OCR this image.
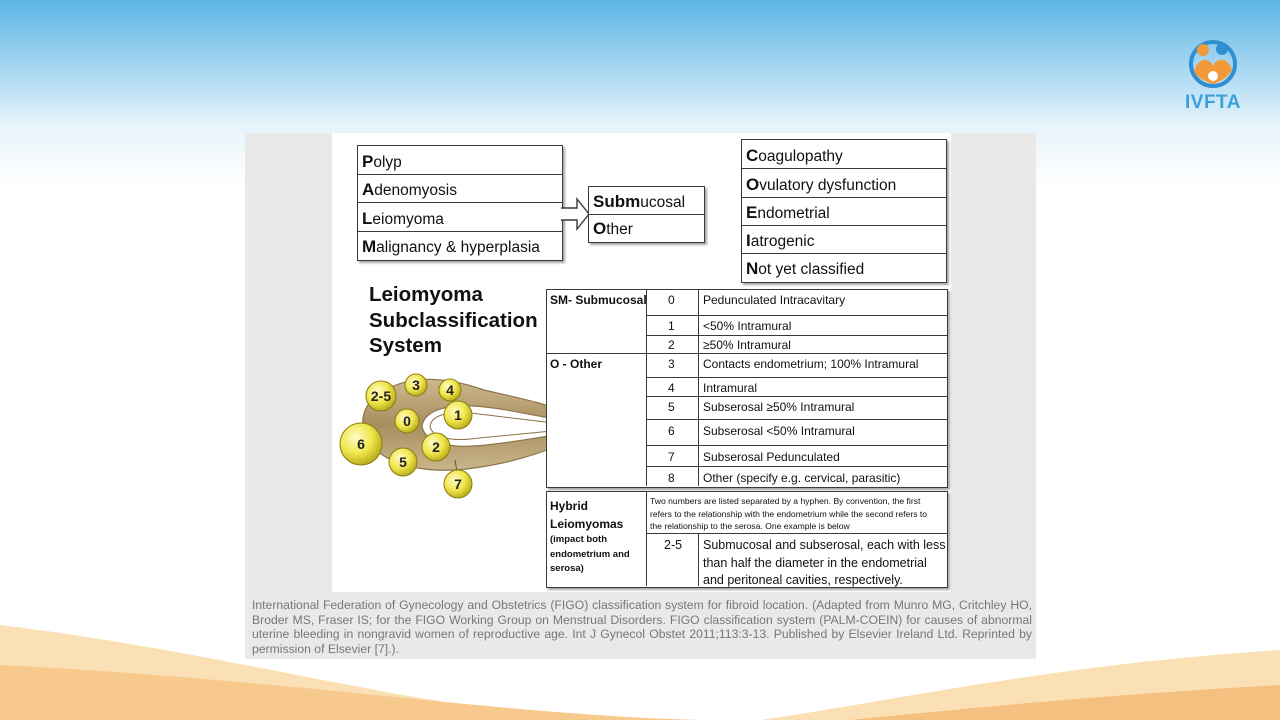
IVFTA
P olyp
A denomyosis
L eiomyoma
M alignancy & hyperplasia
Sub m ucosal
O ther
C oagulopathy
O vulatory dysfunction
E ndometrial
I atrogenic
N ot yet classified
Leiomyoma
Subclassification
System
2-5
3 4
0	1
6	2
5
7
SM- Submucosal
O - Other
0 Pedunculated Intracavitary
1 <50% Intramural
2 ≥50% Intramural
3 Contacts endometrium; 100% Intramural
4 Intramural
5 Subserosal ≥50% Intramural
6 Subserosal <50% Intramural
7 Subserosal Pedunculated
8 Other (specify e.g. cervical, parasitic)
Hybrid
Leiomyomas
(impact both
endometrium and
serosa)
Two numbers are listed separated by a hyphen. By convention, the first
refers to the relationship with the endometrium while the second refers to
the relationship to the serosa. One example is below
2-5 Submucosal and subserosal, each with less
than half the diameter in the endometrial
and peritoneal cavities, respectively.
International Federation of Gynecology and Obstetrics (FIGO) classification system for fibroid location. (Adapted from Munro MG, Critchley HO, Broder MS, Fraser IS; for the FIGO Working Group on Menstrual Disorders. FIGO classification system (PALM-COEIN) for causes of abnormal uterine bleeding in nongravid women of reproductive age. Int J Gynecol Obstet 2011;113:3-13. Published by Elsevier Ireland Ltd. Reprinted by permission of Elsevier [7].).
